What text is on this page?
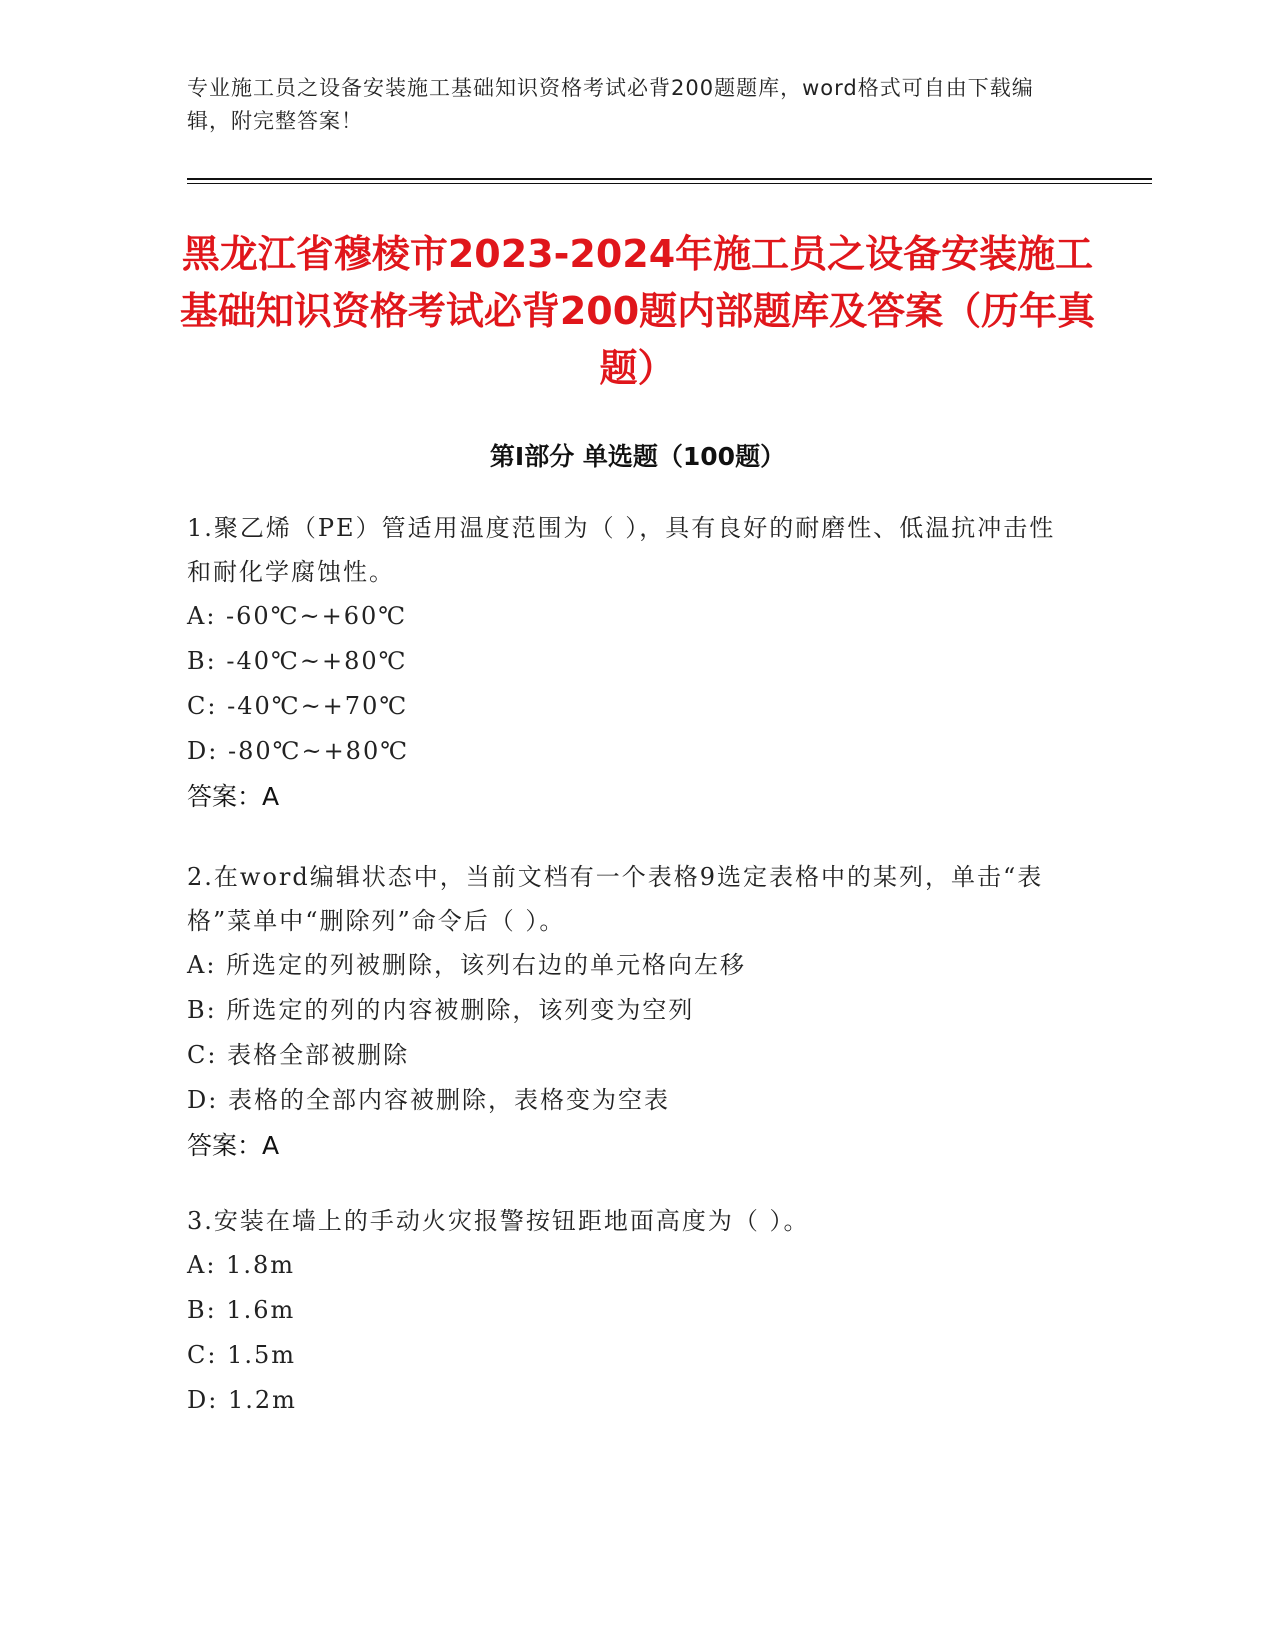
专业施工员之设备安装施工基础知识资格考试必背200题题库，word格式可自由下载编辑，附完整答案！
黑龙江省穆棱市2023-2024年施工员之设备安装施工基础知识资格考试必背200题内部题库及答案（历年真题）
第Ⅰ部分 单选题（100题）
1.聚乙烯（PE）管适用温度范围为（ ），具有良好的耐磨性、低温抗冲击性和耐化学腐蚀性。
A: -60℃~+60℃
B: -40℃~+80℃
C: -40℃~+70℃
D: -80℃~+80℃
答案：A
2.在word编辑状态中，当前文档有一个表格9选定表格中的某列，单击“表格”菜单中“删除列”命令后（ ）。
A: 所选定的列被删除，该列右边的单元格向左移
B: 所选定的列的内容被删除，该列变为空列
C: 表格全部被删除
D: 表格的全部内容被删除，表格变为空表
答案：A
3.安装在墙上的手动火灾报警按钮距地面高度为（ ）。
A: 1.8m
B: 1.6m
C: 1.5m
D: 1.2m
